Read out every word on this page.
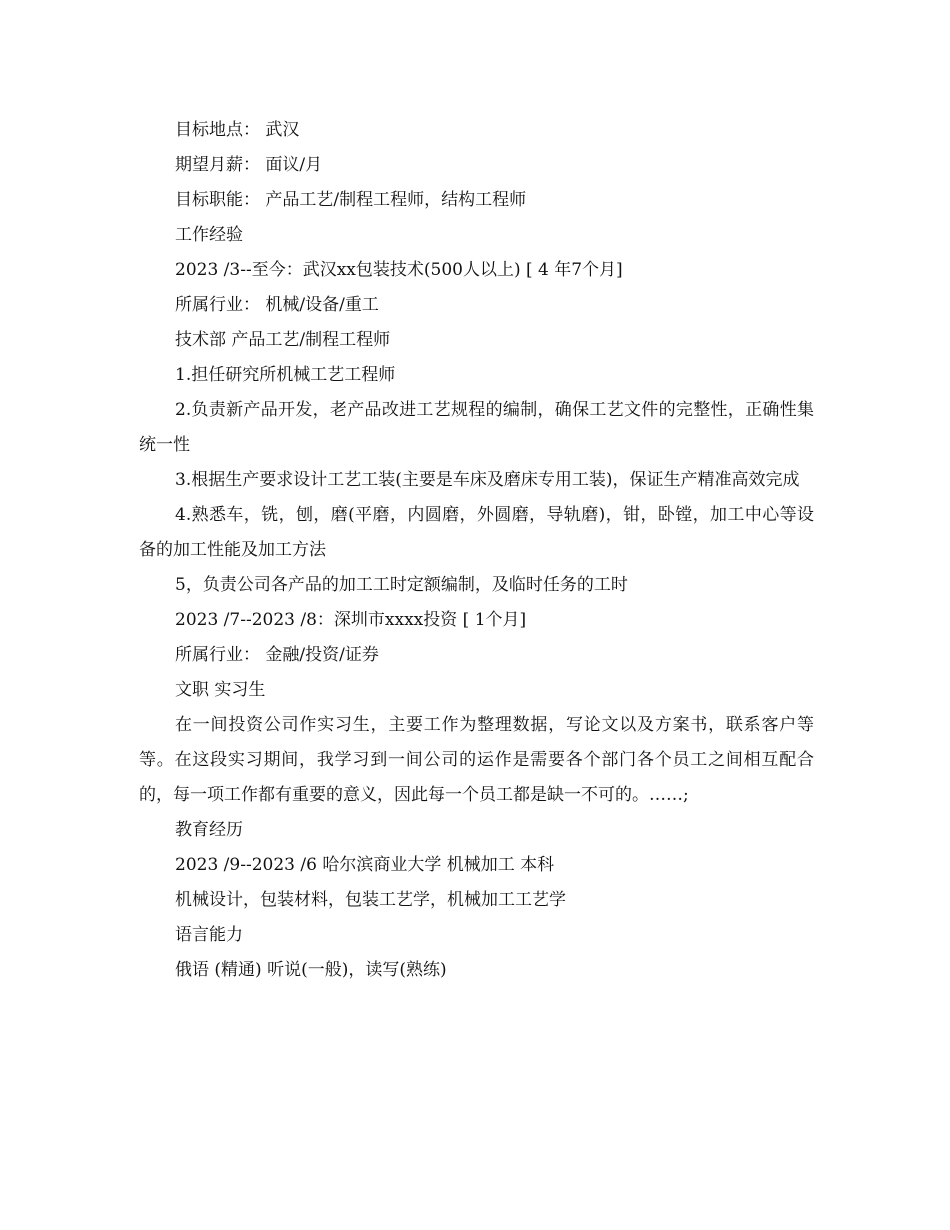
目标地点： 武汉

期望月薪： 面议/月

目标职能： 产品工艺/制程工程师，结构工程师

工作经验

2023 /3--至今：武汉xx包装技术(500人以上) [ 4 年7个月]

所属行业： 机械/设备/重工

技术部 产品工艺/制程工程师

1.担任研究所机械工艺工程师

2.负责新产品开发，老产品改进工艺规程的编制，确保工艺文件的完整性，正确性集统一性

3.根据生产要求设计工艺工装(主要是车床及磨床专用工装)，保证生产精准高效完成

4.熟悉车，铣，刨，磨(平磨，内圆磨，外圆磨，导轨磨)，钳，卧镗，加工中心等设备的加工性能及加工方法

5，负责公司各产品的加工工时定额编制，及临时任务的工时

2023 /7--2023 /8：深圳市xxxx投资 [ 1个月]

所属行业： 金融/投资/证券

文职 实习生

在一间投资公司作实习生，主要工作为整理数据，写论文以及方案书，联系客户等等。在这段实习期间，我学习到一间公司的运作是需要各个部门各个员工之间相互配合的，每一项工作都有重要的意义，因此每一个员工都是缺一不可的。……;

教育经历

2023 /9--2023 /6 哈尔滨商业大学 机械加工 本科

机械设计，包装材料，包装工艺学，机械加工工艺学

语言能力

俄语 (精通) 听说(一般)，读写(熟练)
